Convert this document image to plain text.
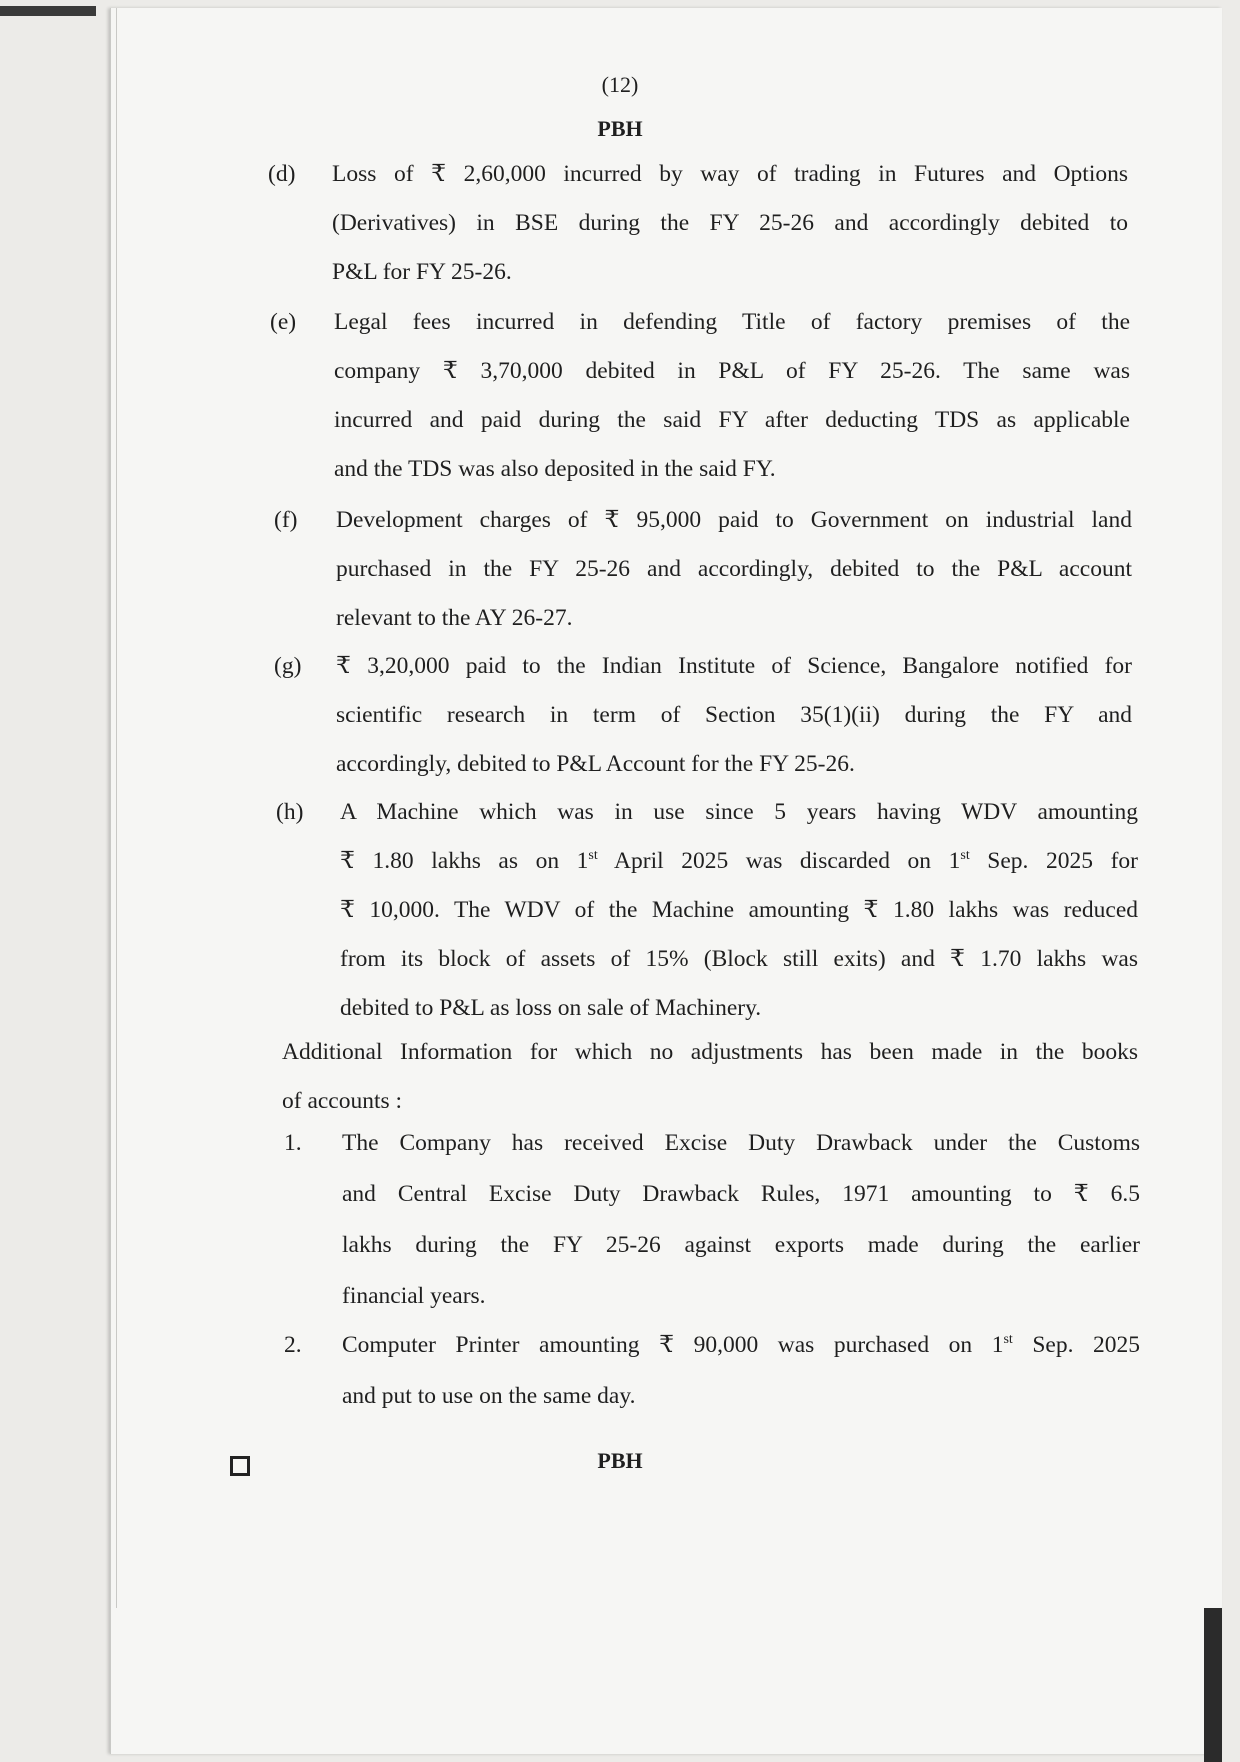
(12)
PBH
(d) Loss of ₹ 2,60,000 incurred by way of trading in Futures and Options

(Derivatives) in BSE during the FY 25-26 and accordingly debited to

P&L for FY 25-26.

(e) Legal fees incurred in defending Title of factory premises of the

company ₹ 3,70,000 debited in P&L of FY 25-26. The same was

incurred and paid during the said FY after deducting TDS as applicable

and the TDS was also deposited in the said FY.

(f) Development charges of ₹ 95,000 paid to Government on industrial land

purchased in the FY 25-26 and accordingly, debited to the P&L account

relevant to the AY 26-27.

(g) ₹ 3,20,000 paid to the Indian Institute of Science, Bangalore notified for

scientific research in term of Section 35(1)(ii) during the FY and

accordingly, debited to P&L Account for the FY 25-26.

(h) A Machine which was in use since 5 years having WDV amounting

₹ 1.80 lakhs as on 1st April 2025 was discarded on 1st Sep. 2025 for

₹ 10,000. The WDV of the Machine amounting ₹ 1.80 lakhs was reduced

from its block of assets of 15% (Block still exits) and ₹ 1.70 lakhs was

debited to P&L as loss on sale of Machinery.

Additional Information for which no adjustments has been made in the books

of accounts :

1. The Company has received Excise Duty Drawback under the Customs

and Central Excise Duty Drawback Rules, 1971 amounting to ₹ 6.5

lakhs during the FY 25-26 against exports made during the earlier

financial years.

2. Computer Printer amounting ₹ 90,000 was purchased on 1st Sep. 2025

and put to use on the same day.

PBH
